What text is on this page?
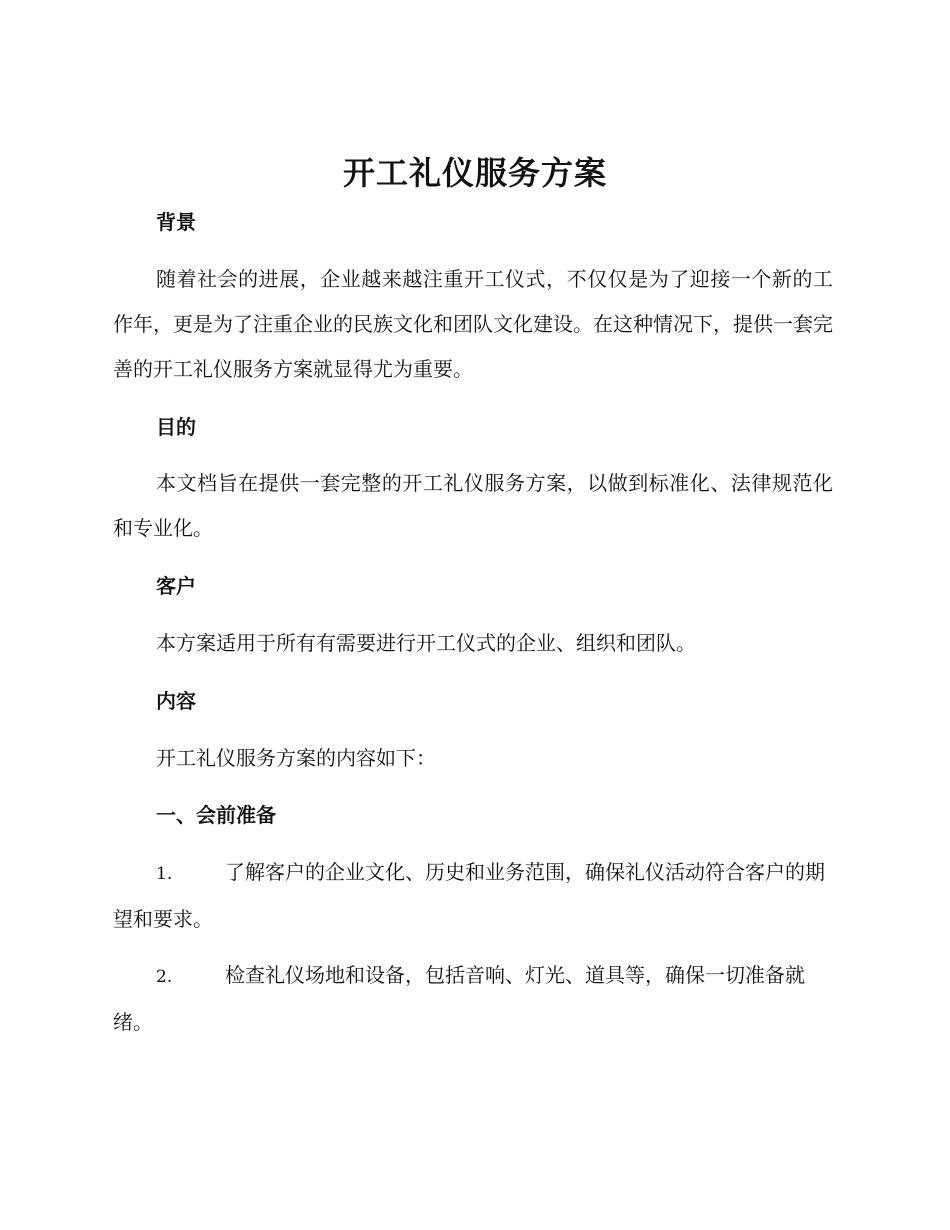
开工礼仪服务方案
背景
随着社会的进展，企业越来越注重开工仪式，不仅仅是为了迎接一个新的工作年，更是为了注重企业的民族文化和团队文化建设。在这种情况下，提供一套完善的开工礼仪服务方案就显得尤为重要。
目的
本文档旨在提供一套完整的开工礼仪服务方案，以做到标准化、法律规范化和专业化。
客户
本方案适用于所有有需要进行开工仪式的企业、组织和团队。
内容
开工礼仪服务方案的内容如下：
一、会前准备
1.	了解客户的企业文化、历史和业务范围，确保礼仪活动符合客户的期望和要求。
2.	检查礼仪场地和设备，包括音响、灯光、道具等，确保一切准备就绪。
